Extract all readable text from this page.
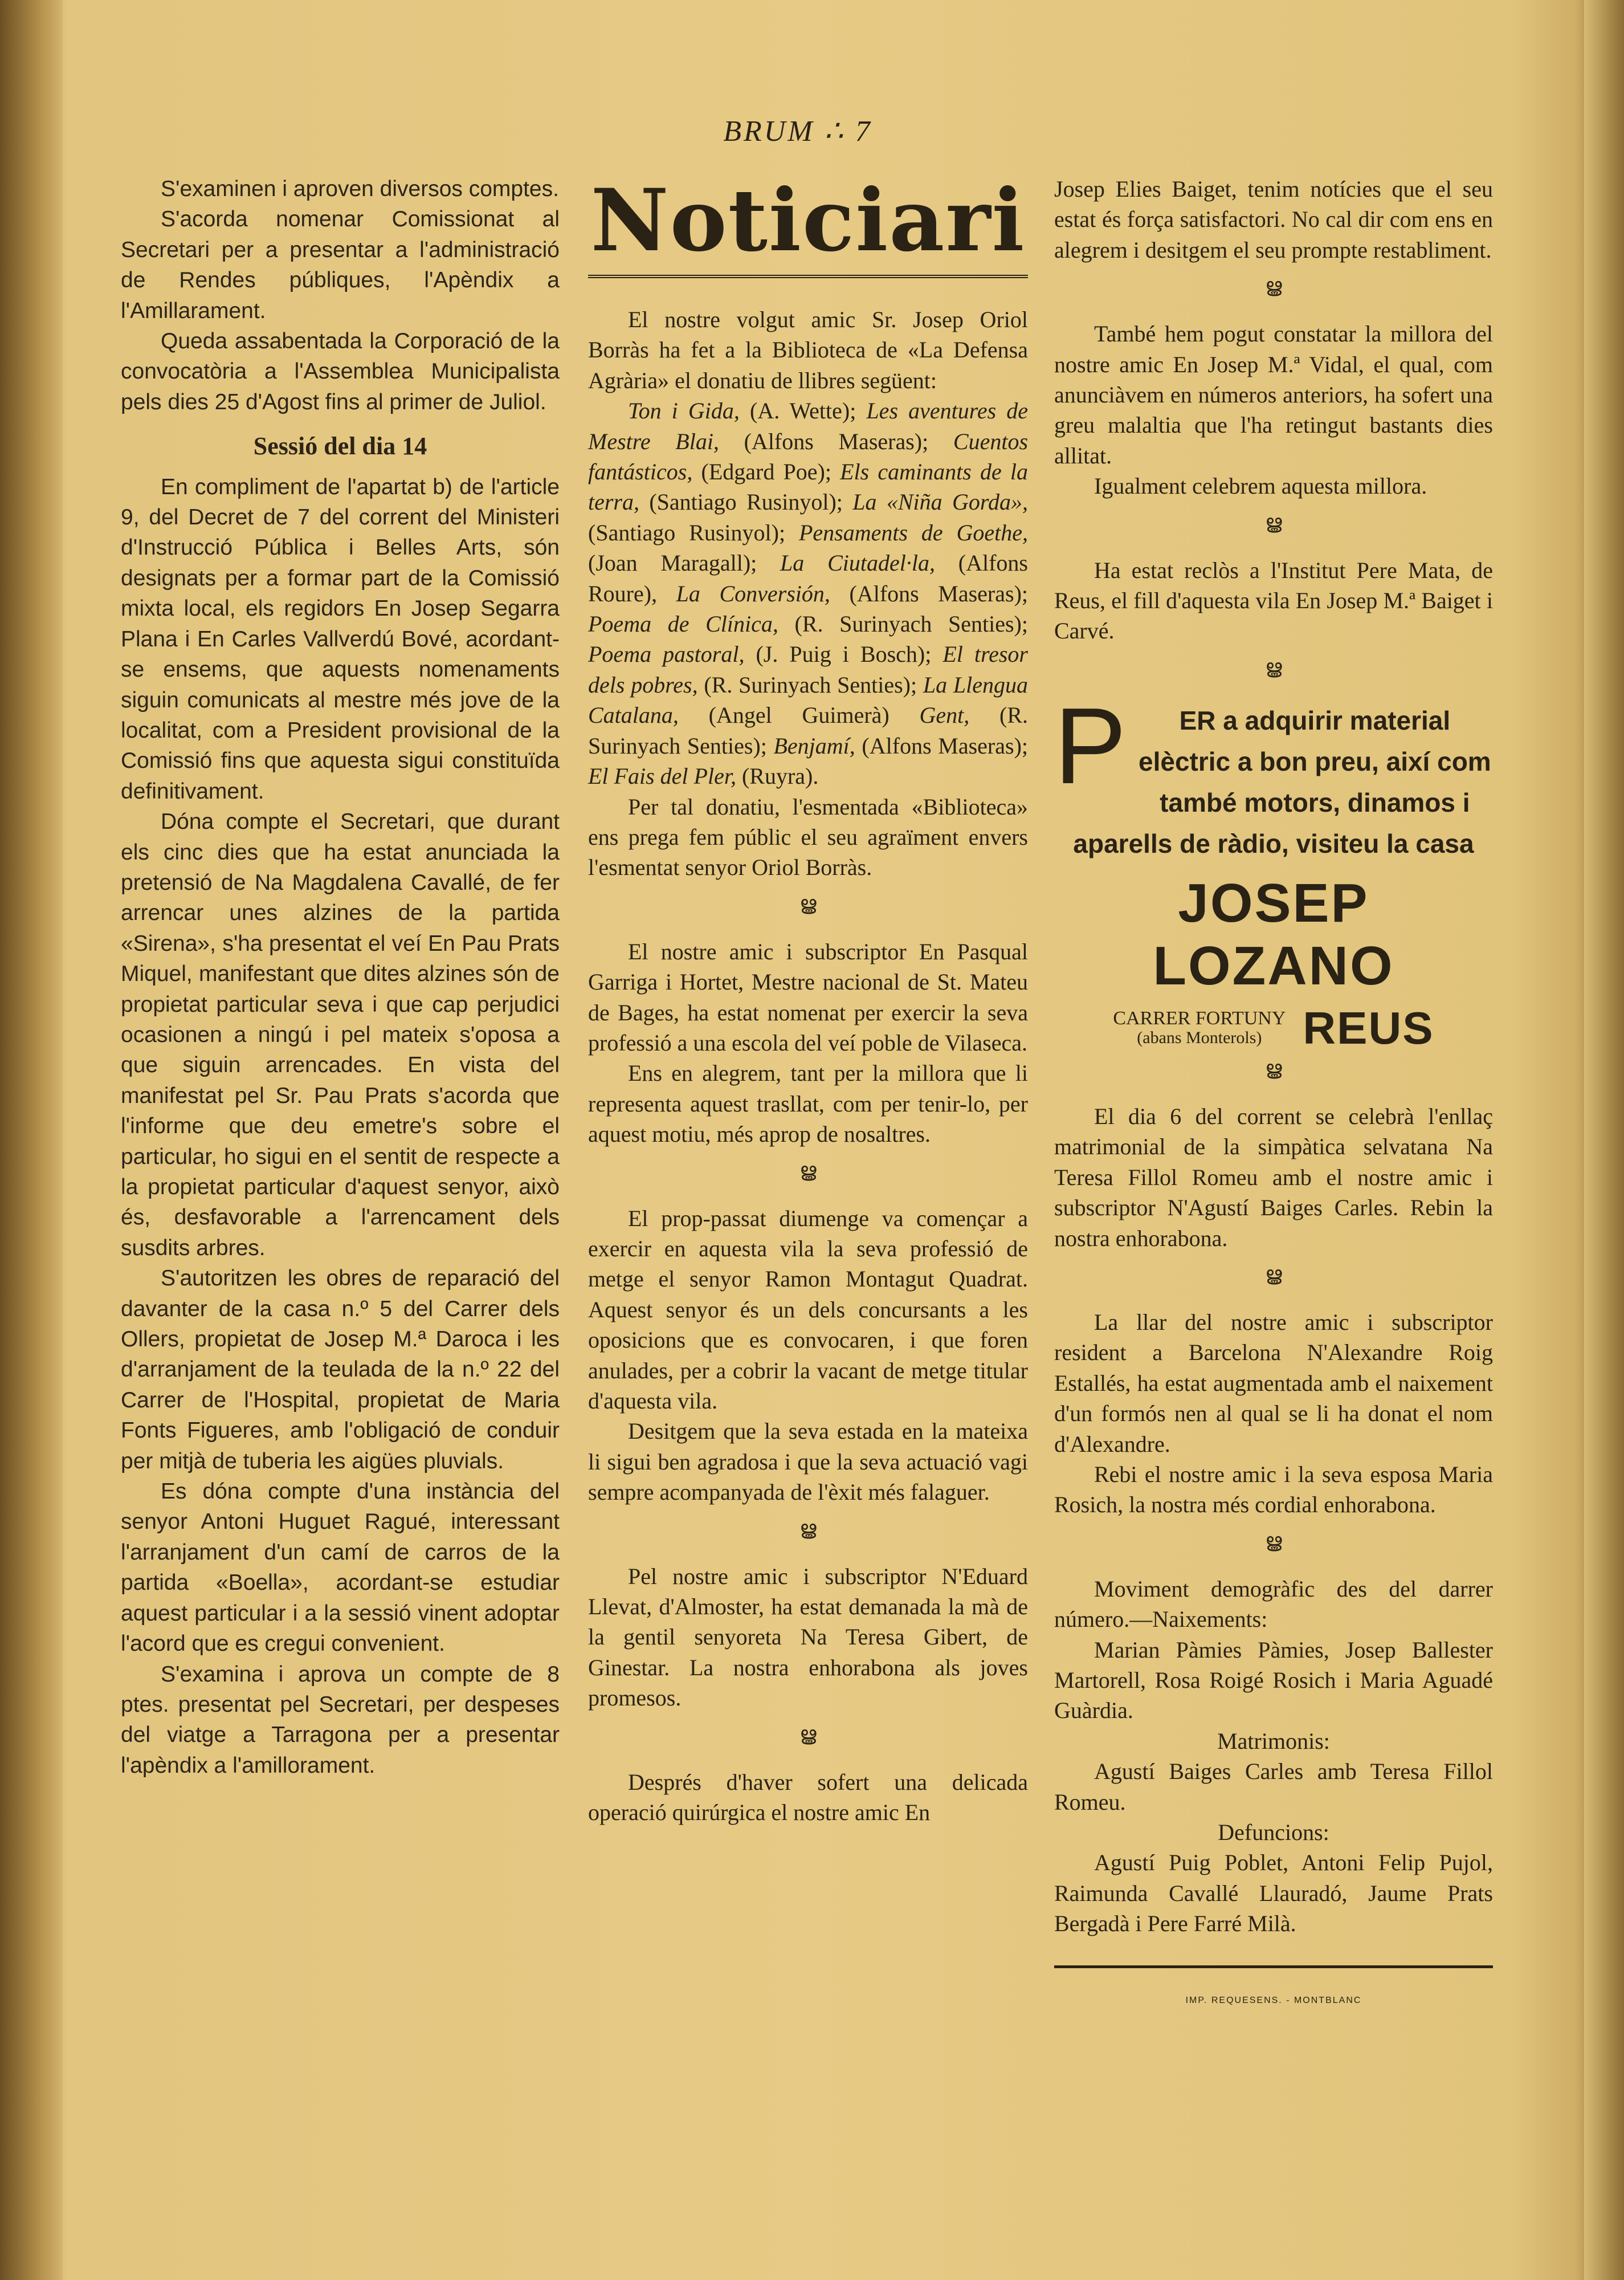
BRUM ∴ 7

S'examinen i aproven diversos comptes.

S'acorda nomenar Comissionat al Secretari per a presentar a l'administració de Rendes públiques, l'Apèndix a l'Amillarament.

Queda assabentada la Corporació de la convocatòria a l'Assemblea Municipalista pels dies 25 d'Agost fins al primer de Juliol.

Sessió del dia 14

En compliment de l'apartat b) de l'article 9, del Decret de 7 del corrent del Ministeri d'Instrucció Pública i Belles Arts, són designats per a formar part de la Comissió mixta local, els regidors En Josep Segarra Plana i En Carles Vallverdú Bové, acordant-se ensems, que aquests nomenaments siguin comunicats al mestre més jove de la localitat, com a President provisional de la Comissió fins que aquesta sigui constituïda definitivament.

Dóna compte el Secretari, que durant els cinc dies que ha estat anunciada la pretensió de Na Magdalena Cavallé, de fer arrencar unes alzines de la partida «Sirena», s'ha presentat el veí En Pau Prats Miquel, manifestant que dites alzines són de propietat particular seva i que cap perjudici ocasionen a ningú i pel mateix s'oposa a que siguin arrencades. En vista del manifestat pel Sr. Pau Prats s'acorda que l'informe que deu emetre's sobre el particular, ho sigui en el sentit de respecte a la propietat particular d'aquest senyor, això és, desfavorable a l'arrencament dels susdits arbres.

S'autoritzen les obres de reparació del davanter de la casa n.º 5 del Carrer dels Ollers, propietat de Josep M.ª Daroca i les d'arranjament de la teulada de la n.º 22 del Carrer de l'Hospital, propietat de Maria Fonts Figueres, amb l'obligació de conduir per mitjà de tuberia les aigües pluvials.

Es dóna compte d'una instància del senyor Antoni Huguet Ragué, interessant l'arranjament d'un camí de carros de la partida «Boella», acordant-se estudiar aquest particular i a la sessió vinent adoptar l'acord que es cregui convenient.

S'examina i aprova un compte de 8 ptes. presentat pel Secretari, per despeses del viatge a Tarragona per a presentar l'apèndix a l'amillorament.

Noticiari

El nostre volgut amic Sr. Josep Oriol Borràs ha fet a la Biblioteca de «La Defensa Agrària» el donatiu de llibres següent:

Ton i Gida, (A. Wette); Les aventures de Mestre Blai, (Alfons Maseras); Cuentos fantásticos, (Edgard Poe); Els caminants de la terra, (Santiago Rusinyol); La «Niña Gorda», (Santiago Rusinyol); Pensaments de Goethe, (Joan Maragall); La Ciutadel·la, (Alfons Roure), La Conversión, (Alfons Maseras); Poema de Clínica, (R. Surinyach Senties); Poema pastoral, (J. Puig i Bosch); El tresor dels pobres, (R. Surinyach Senties); La Llengua Catalana, (Angel Guimerà) Gent, (R. Surinyach Senties); Benjamí, (Alfons Maseras); El Fais del Pler, (Ruyra).

Per tal donatiu, l'esmentada «Biblioteca» ens prega fem públic el seu agraïment envers l'esmentat senyor Oriol Borràs.

ൠ

El nostre amic i subscriptor En Pasqual Garriga i Hortet, Mestre nacional de St. Mateu de Bages, ha estat nomenat per exercir la seva professió a una escola del veí poble de Vilaseca.

Ens en alegrem, tant per la millora que li representa aquest trasllat, com per tenir-lo, per aquest motiu, més aprop de nosaltres.

ൠ

El prop-passat diumenge va començar a exercir en aquesta vila la seva professió de metge el senyor Ramon Montagut Quadrat. Aquest senyor és un dels concursants a les oposicions que es convocaren, i que foren anulades, per a cobrir la vacant de metge titular d'aquesta vila.

Desitgem que la seva estada en la mateixa li sigui ben agradosa i que la seva actuació vagi sempre acompanyada de l'èxit més falaguer.

ൠ

Pel nostre amic i subscriptor N'Eduard Llevat, d'Almoster, ha estat demanada la mà de la gentil senyoreta Na Teresa Gibert, de Ginestar. La nostra enhorabona als joves promesos.

ൠ

Després d'haver sofert una delicada operació quirúrgica el nostre amic En

Josep Elies Baiget, tenim notícies que el seu estat és força satisfactori. No cal dir com ens en alegrem i desitgem el seu prompte restabliment.

ൠ

També hem pogut constatar la millora del nostre amic En Josep M.ª Vidal, el qual, com anunciàvem en números anteriors, ha sofert una greu malaltia que l'ha retingut bastants dies allitat.

Igualment celebrem aquesta millora.

ൠ

Ha estat reclòs a l'Institut Pere Mata, de Reus, el fill d'aquesta vila En Josep M.ª Baiget i Carvé.

ൠ
P ER a adquirir material elèctric a bon preu, així com també motors, dinamos i aparells de ràdio, visiteu la casa
JOSEP LOZANO
CARRER FORTUNY
(abans Monterols) REUS
ൠ

El dia 6 del corrent se celebrà l'enllaç matrimonial de la simpàtica selvatana Na Teresa Fillol Romeu amb el nostre amic i subscriptor N'Agustí Baiges Carles. Rebin la nostra enhorabona.

ൠ

La llar del nostre amic i subscriptor resident a Barcelona N'Alexandre Roig Estallés, ha estat augmentada amb el naixement d'un formós nen al qual se li ha donat el nom d'Alexandre.

Rebi el nostre amic i la seva esposa Maria Rosich, la nostra més cordial enhorabona.

ൠ

Moviment demogràfic des del darrer número.—Naixements:

Marian Pàmies Pàmies, Josep Ballester Martorell, Rosa Roigé Rosich i Maria Aguadé Guàrdia.

Matrimonis:

Agustí Baiges Carles amb Teresa Fillol Romeu.

Defuncions:

Agustí Puig Poblet, Antoni Felip Pujol, Raimunda Cavallé Llauradó, Jaume Prats Bergadà i Pere Farré Milà.

IMP. REQUESENS. - MONTBLANC
